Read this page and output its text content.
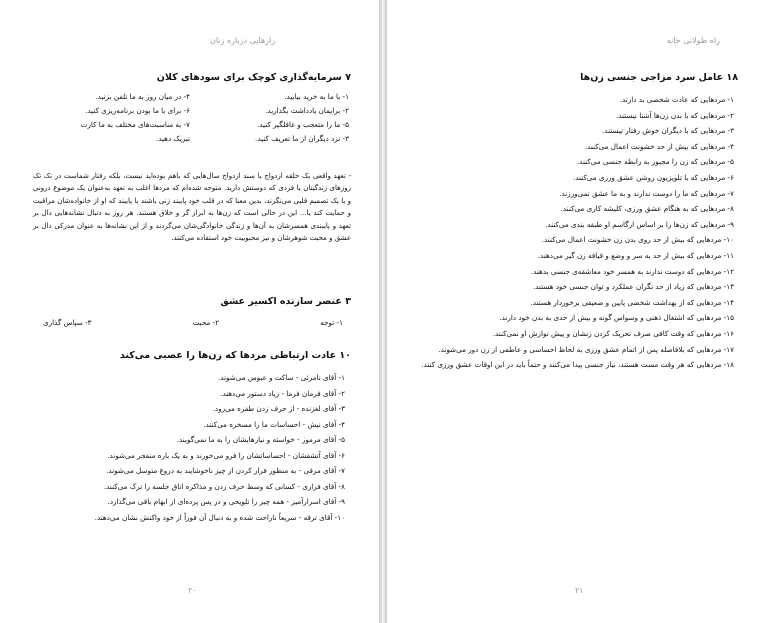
رازهایی درباره زنان
۷ سرمایه‌گذاری کوچک برای سودهای کلان
۱- با ما به خرید بیایید.
۴- در میان روز به ما تلفن بزنید.
۲- برایمان یادداشت بگذارید.
۶- برای با ما بودن برنامه‌ریزی کنید.
۵- ما را متعجب و غافلگیر کنید.
۷- به مناسبت‌های مختلف به ما کارت
۳- نزد دیگران از ما تعریف کنید.
تبریک دهید.
- تعهد واقعی یک حلقه ازدواج یا سند ازدواج سال‌هایی که باهم بوده‌اید نیست، بلکه رفتار شماست در تک تک روزهای زندگیتان یا فردی که دوستش دارید. متوجه شده‌ام که مردها اغلب به تعهد به‌عنوان یک موضوع درونی و یا یک تصمیم قلبی می‌نگرند، بدین معنا که در قلب خود پایبند زنی باشند یا پایبند که او از خانواده‌شان مراقبت و حمایت کند یا... این در حالی است که زن‌ها به ابراز گر و خلاق هستند. هر روز به دنبال نشانه‌هایی دال بر تعهد و پایبندی همسرشان به آن‌ها و زندگی خانوادگی‌شان می‌گردند و از این نشانه‌ها به عنوان مدرکی دال بر عشق و محبت شوهرشان و نیز محبوبیت خود استفاده می‌کنند.
۳ عنصر سازنده اکسیر عشق
۱- توجه
۲- محبت
۳- سپاس گذاری
۱۰ عادت ارتباطی مردها که زن‌ها را عصبی می‌کند
۱- آقای نامرئی - ساکت و عبوس می‌شوند.
۲- آقای فرمان فرما - زیاد دستور می‌دهند.
۳- آقای لغزنده - از حرف زدن طفره می‌رود.
۴- آقای نیش - احساسات ما را مسخره می‌کنند.
۵- آقای مرموز - خواسته و نیازهایشان را به ما نمی‌گویند.
۶- آقای آتشفشان - احساساتشان را فرو می‌خورند و به یک باره منفجر می‌شوند.
۷- آقای مرفی - به منظور فرار کردن از چیز ناخوشایند به دروغ متوسل می‌شوند.
۸- آقای فراری - کسانی که وسط حرف زدن و مذاکره اتاق جلسه را ترک می‌کنند.
۹- آقای اسرارآمیز - همه چیز را تلویحی و در پس پرده‌ای از ابهام باقی می‌گذارد.
۱۰- آقای ترقه - سریعاً ناراحت شده و به دنبال آن فوراً از خود واکنش نشان می‌دهند.
۲۰
راه طولانی خانه
۱۸ عامل سرد مزاجی جنسی زن‌ها
۱- مردهایی که عادت شخصی بد دارند.
۲- مردهایی که با بدن زن‌ها آشنا نیستند.
۳- مردهایی که با دیگران خوش رفتار نیستند.
۴- مردهایی که بیش از حد خشونت اعمال می‌کنند.
۵- مردهایی که زن را مجبور به رابطه جنسی می‌کنند.
۶- مردهایی که با تلویزیون روشن عشق ورزی می‌کنند.
۷- مردهایی که ما را دوست ندارند و به ما عشق نمی‌ورزند.
۸- مردهایی که به هنگام عشق ورزی، کلیشه کاری می‌کنند.
۹- مردهایی که زن‌ها را بر اساس ارگاسم او طبقه بندی می‌کنند.
۱۰- مردهایی که بیش از حد روی بدن زن خشونت اعمال می‌کنند.
۱۱- مردهایی که بیش از حد به سر و وضع و قیافه زن گیر می‌دهند.
۱۲- مردهایی که دوست ندارند به همسر خود معاشقه‌ی جنسی بدهند.
۱۳- مردهایی که زیاد از حد نگران عملکرد و توان جنسی خود هستند.
۱۴- مردهایی که از بهداشت شخصی پایین و ضعیفی برخوردار هستند.
۱۵- مردهایی که اشتغال ذهنی و وسواس گونه و بیش از حدی به بدن خود دارند.
۱۶- مردهایی که وقت کافی صرف تحریک کردن زنشان و پیش نوازش او نمی‌کنند.
۱۷- مردهایی که بلافاصله پس از اتمام عشق ورزی به لحاظ احساسی و عاطفی از زن دور می‌شوند.
۱۸- مردهایی که هر وقت مست هستند، نیاز جنسی پیدا می‌کنند و حتماً باید در این اوقات عشق ورزی کنند.
۲۱
